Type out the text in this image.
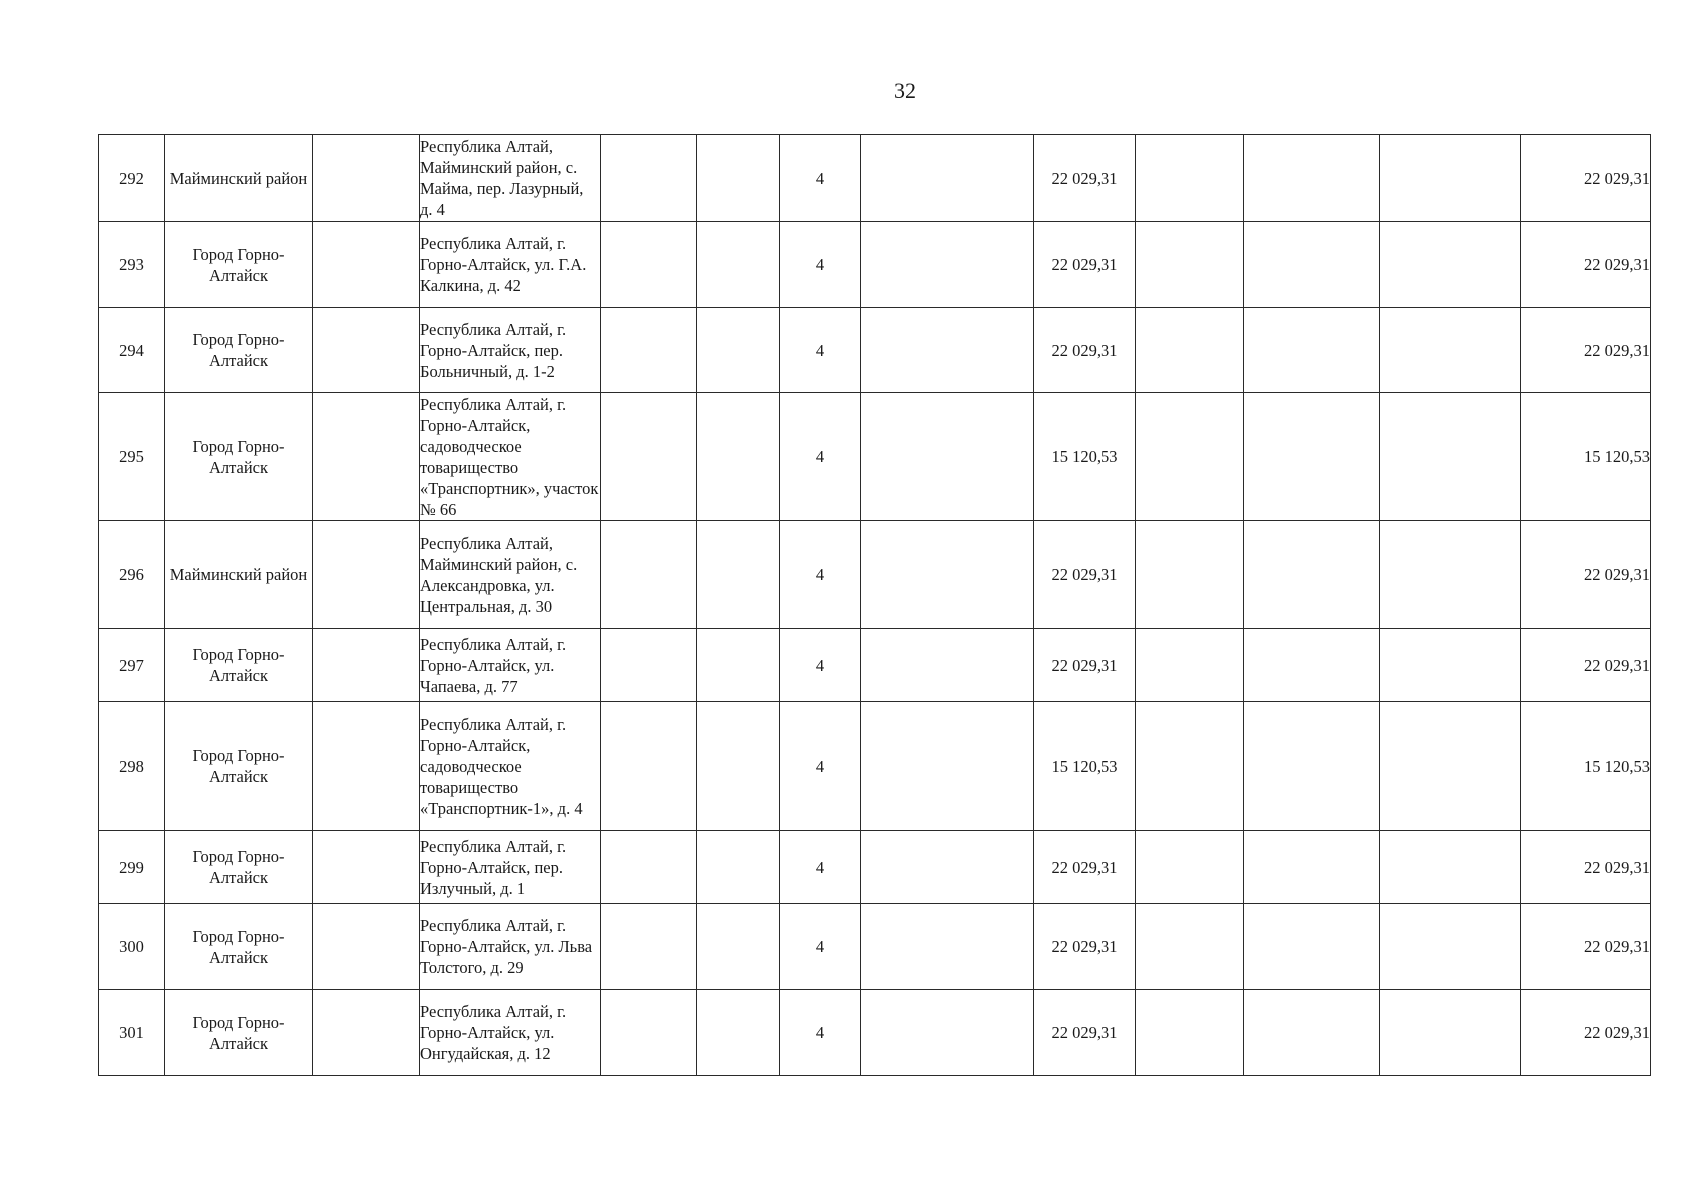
32
292	Майминский район		Республика Алтай, Майминский район, с. Майма, пер. Лазурный, д. 4			4		22 029,31				22 029,31
293	Город Горно-Алтайск		Республика Алтай, г. Горно-Алтайск, ул. Г.А. Калкина, д. 42			4		22 029,31				22 029,31
294	Город Горно-Алтайск		Республика Алтай, г. Горно-Алтайск, пер. Больничный, д. 1-2			4		22 029,31				22 029,31
295	Город Горно-Алтайск		Республика Алтай, г. Горно-Алтайск, садоводческое товарищество «Транспортник», участок № 66			4		15 120,53				15 120,53
296	Майминский район		Республика Алтай, Майминский район, с. Александровка, ул. Центральная, д. 30			4		22 029,31				22 029,31
297	Город Горно-Алтайск		Республика Алтай, г. Горно-Алтайск, ул. Чапаева, д. 77			4		22 029,31				22 029,31
298	Город Горно-Алтайск		Республика Алтай, г. Горно-Алтайск, садоводческое товарищество «Транспортник-1», д. 4			4		15 120,53				15 120,53
299	Город Горно-Алтайск		Республика Алтай, г. Горно-Алтайск, пер. Излучный, д. 1			4		22 029,31				22 029,31
300	Город Горно-Алтайск		Республика Алтай, г. Горно-Алтайск, ул. Льва Толстого, д. 29			4		22 029,31				22 029,31
301	Город Горно-Алтайск		Республика Алтай, г. Горно-Алтайск, ул. Онгудайская, д. 12			4		22 029,31				22 029,31
